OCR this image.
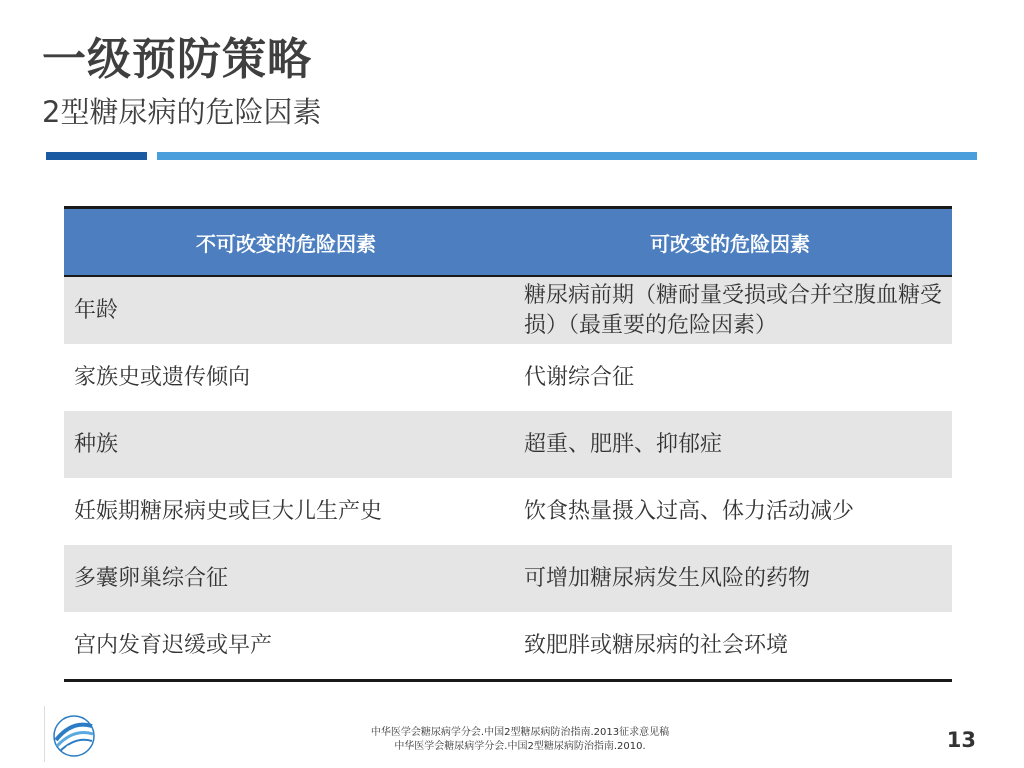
一级预防策略
2型糖尿病的危险因素
不可改变的危险因素	可改变的危险因素
年龄	糖尿病前期（糖耐量受损或合并空腹血糖受损）（最重要的危险因素）
家族史或遗传倾向	代谢综合征
种族	超重、肥胖、抑郁症
妊娠期糖尿病史或巨大儿生产史	饮食热量摄入过高、体力活动减少
多囊卵巢综合征	可增加糖尿病发生风险的药物
宫内发育迟缓或早产	致肥胖或糖尿病的社会环境
CDS
中华医学会糖尿病学分会.中国2型糖尿病防治指南.2013征求意见稿
中华医学会糖尿病学分会.中国2型糖尿病防治指南.2010.	13
